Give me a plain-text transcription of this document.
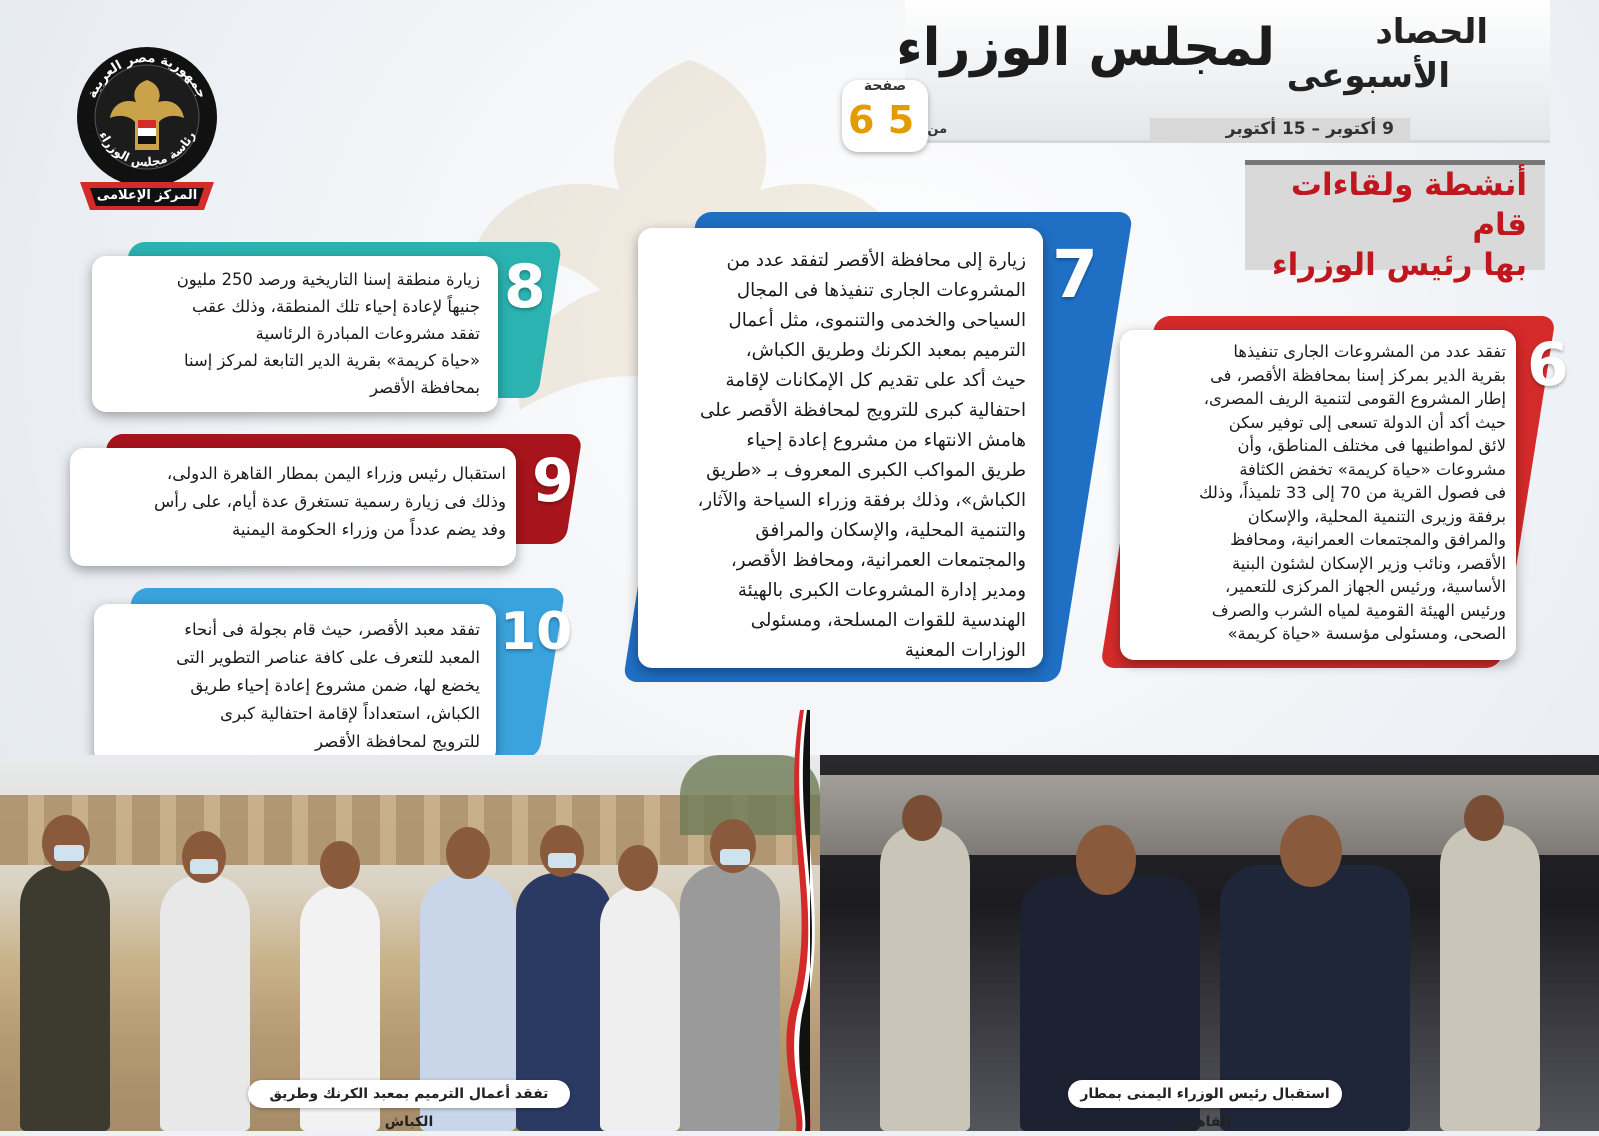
لمجلس الوزراء	الحصاد
الأسبوعى
9 أكتوبر – 15 أكتوبر
صفحة
6	من 5
جمهورية مصر العربية
رئاسة مجلس الوزراء
المركز الإعلامى	أنشطة ولقاءات قام
بها رئيس الوزراء
6
تفقد عدد من المشروعات الجارى تنفيذها
بقرية الدير بمركز إسنا بمحافظة الأقصر، فى
إطار المشروع القومى لتنمية الريف المصرى،
حيث أكد أن الدولة تسعى إلى توفير سكن
لائق لمواطنيها فى مختلف المناطق، وأن
مشروعات «حياة كريمة» تخفض الكثافة
فى فصول القرية من 70 إلى 33 تلميذاً، وذلك
برفقة وزيرى التنمية المحلية، والإسكان
والمرافق والمجتمعات العمرانية، ومحافظ
الأقصر، ونائب وزير الإسكان لشئون البنية
الأساسية، ورئيس الجهاز المركزى للتعمير،
ورئيس الهيئة القومية لمياه الشرب والصرف
الصحى، ومسئولى مؤسسة «حياة كريمة»
7
زيارة إلى محافظة الأقصر لتفقد عدد من
المشروعات الجارى تنفيذها فى المجال
السياحى والخدمى والتنموى، مثل أعمال
الترميم بمعبد الكرنك وطريق الكباش،
حيث أكد على تقديم كل الإمكانات لإقامة
احتفالية كبرى للترويج لمحافظة الأقصر على
هامش الانتهاء من مشروع إعادة إحياء
طريق المواكب الكبرى المعروف بـ «طريق
الكباش»، وذلك برفقة وزراء السياحة والآثار،
والتنمية المحلية، والإسكان والمرافق
والمجتمعات العمرانية، ومحافظ الأقصر،
ومدير إدارة المشروعات الكبرى بالهيئة
الهندسية للقوات المسلحة، ومسئولى
الوزارات المعنية
8
زيارة منطقة إسنا التاريخية ورصد 250 مليون
جنيهاً لإعادة إحياء تلك المنطقة، وذلك عقب
تفقد مشروعات المبادرة الرئاسية
«حياة كريمة» بقرية الدير التابعة لمركز إسنا
بمحافظة الأقصر
9
استقبال رئيس وزراء اليمن بمطار القاهرة الدولى،
وذلك فى زيارة رسمية تستغرق عدة أيام، على رأس
وفد يضم عدداً من وزراء الحكومة اليمنية
10
تفقد معبد الأقصر، حيث قام بجولة فى أنحاء
المعبد للتعرف على كافة عناصر التطوير التى
يخضع لها، ضمن مشروع إعادة إحياء طريق
الكباش، استعداداً لإقامة احتفالية كبرى
للترويج لمحافظة الأقصر
تفقد أعمال الترميم بمعبد الكرنك وطريق الكباش
استقبال رئيس الوزراء اليمنى بمطار القاهرة
